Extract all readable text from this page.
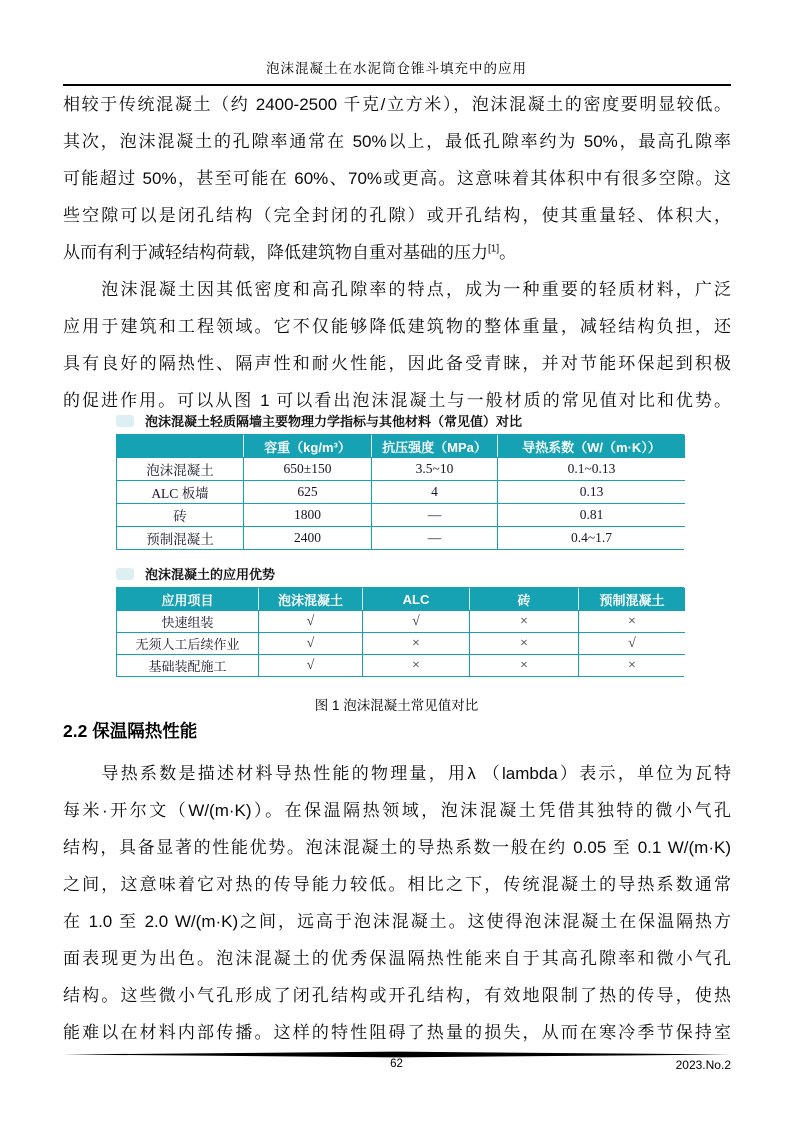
泡沫混凝土在水泥筒仓锥斗填充中的应用
相较于传统混凝土（约 2400-2500 千克/立方米），泡沫混凝土的密度要明显较低。
其次，泡沫混凝土的孔隙率通常在 50%以上，最低孔隙率约为 50%，最高孔隙率
可能超过 50%，甚至可能在 60%、70%或更高。这意味着其体积中有很多空隙。这
些空隙可以是闭孔结构（完全封闭的孔隙）或开孔结构，使其重量轻、体积大，
从而有利于减轻结构荷载，降低建筑物自重对基础的压力[1]。
　　泡沫混凝土因其低密度和高孔隙率的特点，成为一种重要的轻质材料，广泛
应用于建筑和工程领域。它不仅能够降低建筑物的整体重量，减轻结构负担，还
具有良好的隔热性、隔声性和耐火性能，因此备受青睐，并对节能环保起到积极
的促进作用。可以从图 1 可以看出泡沫混凝土与一般材质的常见值对比和优势。
泡沫混凝土轻质隔墙主要物理力学指标与其他材料（常见值）对比
	容重（kg/m³）	抗压强度（MPa）	导热系数（W/（m·K））
泡沫混凝土	650±150	3.5~10	0.1~0.13
ALC 板墙	625	4	0.13
砖	1800	—	0.81
预制混凝土	2400	—	0.4~1.7
泡沫混凝土的应用优势
应用项目	泡沫混凝土	ALC	砖	预制混凝土
快速组装	√	√	×	×
无须人工后续作业	√	×	×	√
基础装配施工	√	×	×	×
图 1 泡沫混凝土常见值对比
2.2 保温隔热性能
　　导热系数是描述材料导热性能的物理量，用λ （lambda）表示，单位为瓦特
每米·开尔文（W/(m·K)）。在保温隔热领域，泡沫混凝土凭借其独特的微小气孔
结构，具备显著的性能优势。泡沫混凝土的导热系数一般在约 0.05 至 0.1 W/(m·K)
之间，这意味着它对热的传导能力较低。相比之下，传统混凝土的导热系数通常
在 1.0 至 2.0 W/(m·K)之间，远高于泡沫混凝土。这使得泡沫混凝土在保温隔热方
面表现更为出色。泡沫混凝土的优秀保温隔热性能来自于其高孔隙率和微小气孔
结构。这些微小气孔形成了闭孔结构或开孔结构，有效地限制了热的传导，使热
能难以在材料内部传播。这样的特性阻碍了热量的损失，从而在寒冷季节保持室
62	2023.No.2
